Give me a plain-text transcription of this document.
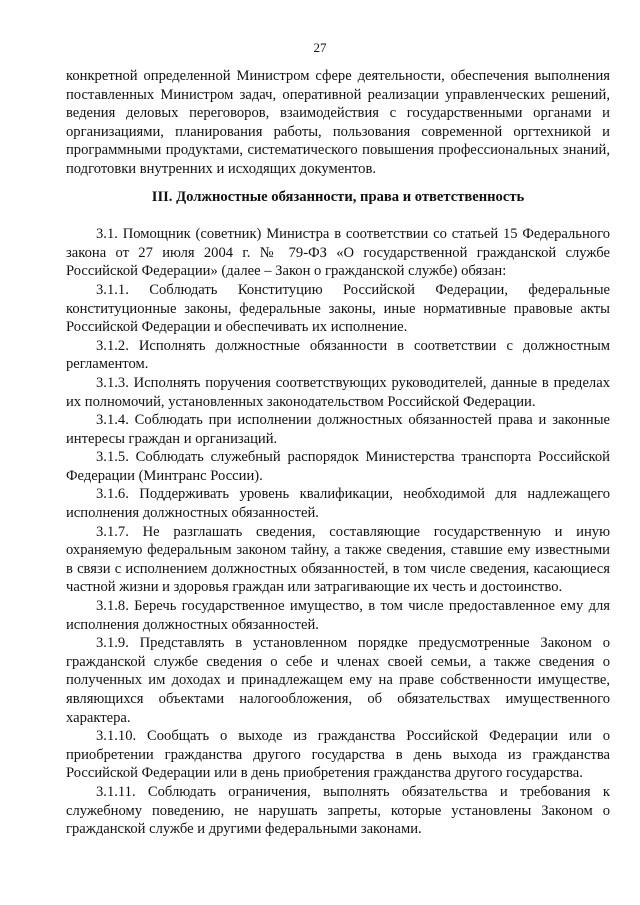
27

конкретной определенной Министром сфере деятельности, обеспечения выполнения поставленных Министром задач, оперативной реализации управленческих решений, ведения деловых переговоров, взаимодействия с государственными органами и организациями, планирования работы, пользования современной оргтехникой и программными продуктами, систематического повышения профессиональных знаний, подготовки внутренних и исходящих документов.

III. Должностные обязанности, права и ответственность

3.1. Помощник (советник) Министра в соответствии со статьей 15 Федерального закона от 27 июля 2004 г. № 79-ФЗ «О государственной гражданской службе Российской Федерации» (далее – Закон о гражданской службе) обязан:

3.1.1. Соблюдать Конституцию Российской Федерации, федеральные конституционные законы, федеральные законы, иные нормативные правовые акты Российской Федерации и обеспечивать их исполнение.

3.1.2. Исполнять должностные обязанности в соответствии с должностным регламентом.

3.1.3. Исполнять поручения соответствующих руководителей, данные в пределах их полномочий, установленных законодательством Российской Федерации.

3.1.4. Соблюдать при исполнении должностных обязанностей права и законные интересы граждан и организаций.

3.1.5. Соблюдать служебный распорядок Министерства транспорта Российской Федерации (Минтранс России).

3.1.6. Поддерживать уровень квалификации, необходимой для надлежащего исполнения должностных обязанностей.

3.1.7. Не разглашать сведения, составляющие государственную и иную охраняемую федеральным законом тайну, а также сведения, ставшие ему известными в связи с исполнением должностных обязанностей, в том числе сведения, касающиеся частной жизни и здоровья граждан или затрагивающие их честь и достоинство.

3.1.8. Беречь государственное имущество, в том числе предоставленное ему для исполнения должностных обязанностей.

3.1.9. Представлять в установленном порядке предусмотренные Законом о гражданской службе сведения о себе и членах своей семьи, а также сведения о полученных им доходах и принадлежащем ему на праве собственности имуществе, являющихся объектами налогообложения, об обязательствах имущественного характера.

3.1.10. Сообщать о выходе из гражданства Российской Федерации или о приобретении гражданства другого государства в день выхода из гражданства Российской Федерации или в день приобретения гражданства другого государства.

3.1.11. Соблюдать ограничения, выполнять обязательства и требования к служебному поведению, не нарушать запреты, которые установлены Законом о гражданской службе и другими федеральными законами.
